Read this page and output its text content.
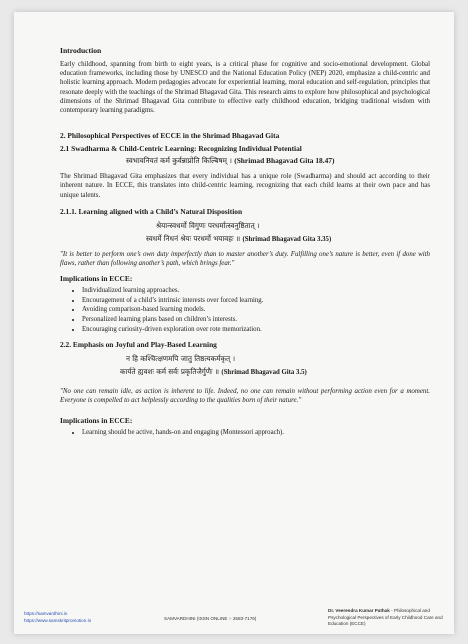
Introduction

Early childhood, spanning from birth to eight years, is a critical phase for cognitive and socio-emotional development. Global education frameworks, including those by UNESCO and the National Education Policy (NEP) 2020, emphasize a child-centric and holistic learning approach. Modern pedagogies advocate for experiential learning, moral education and self-regulation, principles that resonate deeply with the teachings of the Shrimad Bhagavad Gita. This research aims to explore how philosophical and psychological dimensions of the Shrimad Bhagavad Gita contribute to effective early childhood education, bridging traditional wisdom with contemporary learning paradigms.

2. Philosophical Perspectives of ECCE in the Shrimad Bhagavad Gita
2.1 Swadharma & Child-Centric Learning: Recognizing Individual Potential
स्वभावनियतं कर्म कुर्वन्नाप्नोति किल्बिषम् । (Shrimad Bhagavad Gita 18.47)

The Shrimad Bhagavad Gita emphasizes that every individual has a unique role (Swadharma) and should act according to their inherent nature. In ECCE, this translates into child-centric learning, recognizing that each child learns at their own pace and has unique talents.

2.1.1. Learning aligned with a Child’s Natural Disposition
श्रेयान्स्वधर्मो विगुणः परधर्मात्स्वनुष्ठितात् ।
स्वधर्मे निधनं श्रेयः परधर्मो भयावहः ॥ (Shrimad Bhagavad Gita 3.35)
"It is better to perform one’s own duty imperfectly than to master another’s duty. Fulfilling one’s nature is better, even if done with flaws, rather than following another’s path, which brings fear."
Implications in ECCE:
• Individualized learning approaches.
• Encouragement of a child’s intrinsic interests over forced learning.
• Avoiding comparison-based learning models.
• Personalized learning plans based on children’s interests.
• Encouraging curiosity-driven exploration over rote memorization.
2.2. Emphasis on Joyful and Play-Based Learning
न हि कश्चित्क्षणमपि जातु तिष्ठत्यकर्मकृत् ।
कार्यते ह्यवशः कर्म सर्वः प्रकृतिजैर्गुणैः ॥ (Shrimad Bhagavad Gita 3.5)
"No one can remain idle, as action is inherent to life. Indeed, no one can remain without performing action even for a moment. Everyone is compelled to act helplessly according to the qualities born of their nature."
Implications in ECCE:
• Learning should be active, hands-on and engaging (Montessori approach).
https://samvardhini.in
https://www.samskritpromotion.in	SAMVARDHINI (ISSN ONLINE :- 2583-7176)
Dr. Veerendra Kumar Pathak - Philosophical and Psychological Perspectives of Early Childhood Care and Education (ECCE)
